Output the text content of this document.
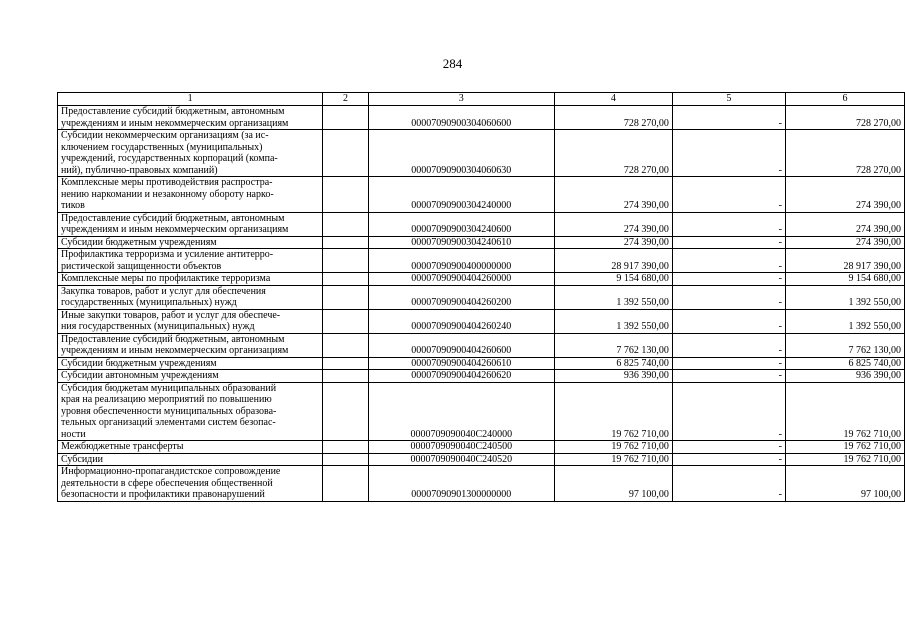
284
1	2	3	4	5	6

Предоставление субсидий бюджетным, автономным
учреждениям и иным некоммерческим организациям		00007090900304060600	728 270,00	-	728 270,00

Субсидии некоммерческим организациям (за ис-
ключением государственных (муниципальных)
учреждений, государственных корпораций (компа-
ний), публично-правовых компаний)		00007090900304060630	728 270,00	-	728 270,00

Комплексные меры противодействия распростра-
нению наркомании и незаконному обороту нарко-
тиков		00007090900304240000	274 390,00	-	274 390,00

Предоставление субсидий бюджетным, автономным
учреждениям и иным некоммерческим организациям		00007090900304240600	274 390,00	-	274 390,00

Субсидии бюджетным учреждениям		00007090900304240610	274 390,00	-	274 390,00

Профилактика терроризма и усиление антитерро-
ристической защищенности объектов		00007090900400000000	28 917 390,00	-	28 917 390,00

Комплексные меры по профилактике терроризма		00007090900404260000	9 154 680,00	-	9 154 680,00

Закупка товаров, работ и услуг для обеспечения
государственных (муниципальных) нужд		00007090900404260200	1 392 550,00	-	1 392 550,00

Иные закупки товаров, работ и услуг для обеспече-
ния государственных (муниципальных) нужд		00007090900404260240	1 392 550,00	-	1 392 550,00

Предоставление субсидий бюджетным, автономным
учреждениям и иным некоммерческим организациям		00007090900404260600	7 762 130,00	-	7 762 130,00

Субсидии бюджетным учреждениям		00007090900404260610	6 825 740,00	-	6 825 740,00

Субсидии автономным учреждениям		00007090900404260620	936 390,00	-	936 390,00

Субсидия бюджетам муниципальных образований
края на реализацию мероприятий по повышению
уровня обеспеченности муниципальных образова-
тельных организаций элементами систем безопас-
ности		0000709090040C240000	19 762 710,00	-	19 762 710,00

Межбюджетные трансферты		0000709090040C240500	19 762 710,00	-	19 762 710,00

Субсидии		0000709090040C240520	19 762 710,00	-	19 762 710,00

Информационно-пропагандистское сопровождение
деятельности в сфере обеспечения общественной
безопасности и профилактики правонарушений		00007090901300000000	97 100,00	-	97 100,00
